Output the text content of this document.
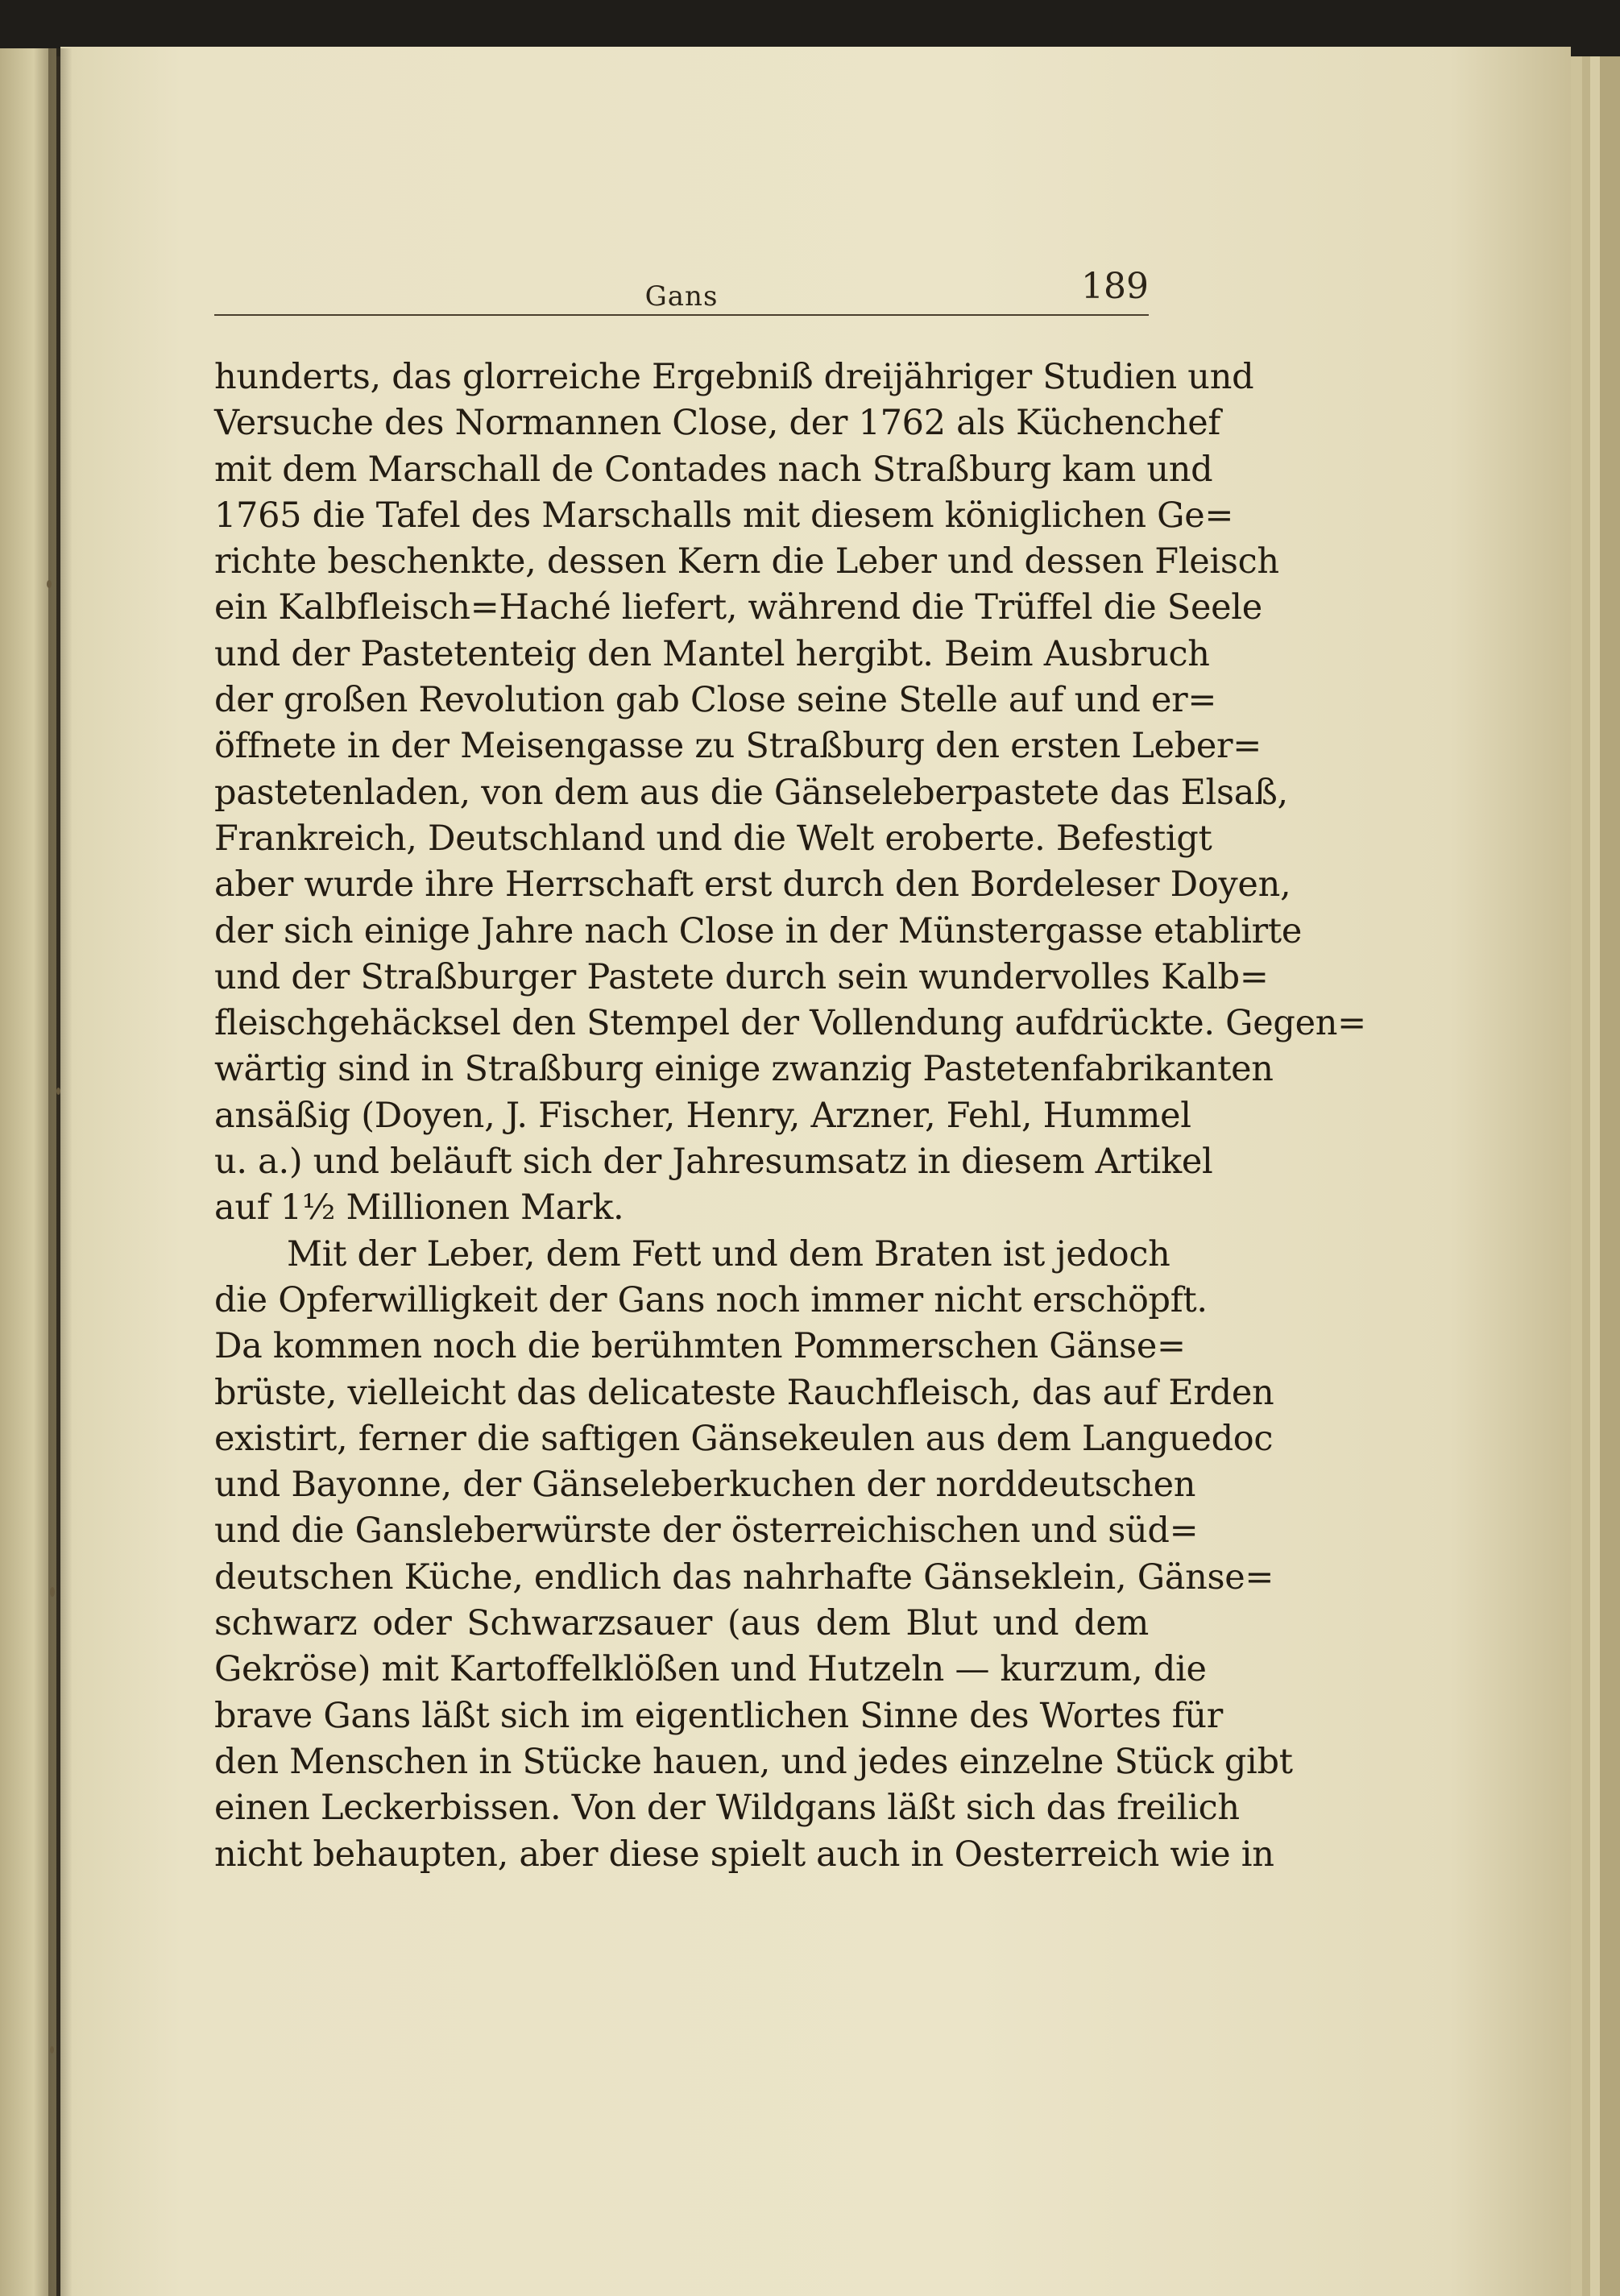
Gans	189
hunderts, das glorreiche Ergebniß dreijähriger Studien und
Versuche des Normannen Close, der 1762 als Küchenchef
mit dem Marschall de Contades nach Straßburg kam und
1765 die Tafel des Marschalls mit diesem königlichen Ge=
richte beschenkte, dessen Kern die Leber und dessen Fleisch
ein Kalbfleisch=Haché liefert, während die Trüffel die Seele
und der Pastetenteig den Mantel hergibt. Beim Ausbruch
der großen Revolution gab Close seine Stelle auf und er=
öffnete in der Meisengasse zu Straßburg den ersten Leber=
pastetenladen, von dem aus die Gänseleberpastete das Elsaß,
Frankreich, Deutschland und die Welt eroberte. Befestigt
aber wurde ihre Herrschaft erst durch den Bordeleser Doyen,
der sich einige Jahre nach Close in der Münstergasse etablirte
und der Straßburger Pastete durch sein wundervolles Kalb=
fleischgehäcksel den Stempel der Vollendung aufdrückte. Gegen=
wärtig sind in Straßburg einige zwanzig Pastetenfabrikanten
ansäßig (Doyen, J. Fischer, Henry, Arzner, Fehl, Hummel
u. a.) und beläuft sich der Jahresumsatz in diesem Artikel
auf 1½ Millionen Mark.
Mit der Leber, dem Fett und dem Braten ist jedoch
die Opferwilligkeit der Gans noch immer nicht erschöpft.
Da kommen noch die berühmten Pommerschen Gänse=
brüste, vielleicht das delicateste Rauchfleisch, das auf Erden
existirt, ferner die saftigen Gänsekeulen aus dem Languedoc
und Bayonne, der Gänseleberkuchen der norddeutschen
und die Gansleberwürste der österreichischen und süd=
deutschen Küche, endlich das nahrhafte Gänseklein, Gänse=
schwarz oder Schwarzsauer (aus dem Blut und dem
Gekröse) mit Kartoffelklößen und Hutzeln — kurzum, die
brave Gans läßt sich im eigentlichen Sinne des Wortes für
den Menschen in Stücke hauen, und jedes einzelne Stück gibt
einen Leckerbissen. Von der Wildgans läßt sich das freilich
nicht behaupten, aber diese spielt auch in Oesterreich wie in
